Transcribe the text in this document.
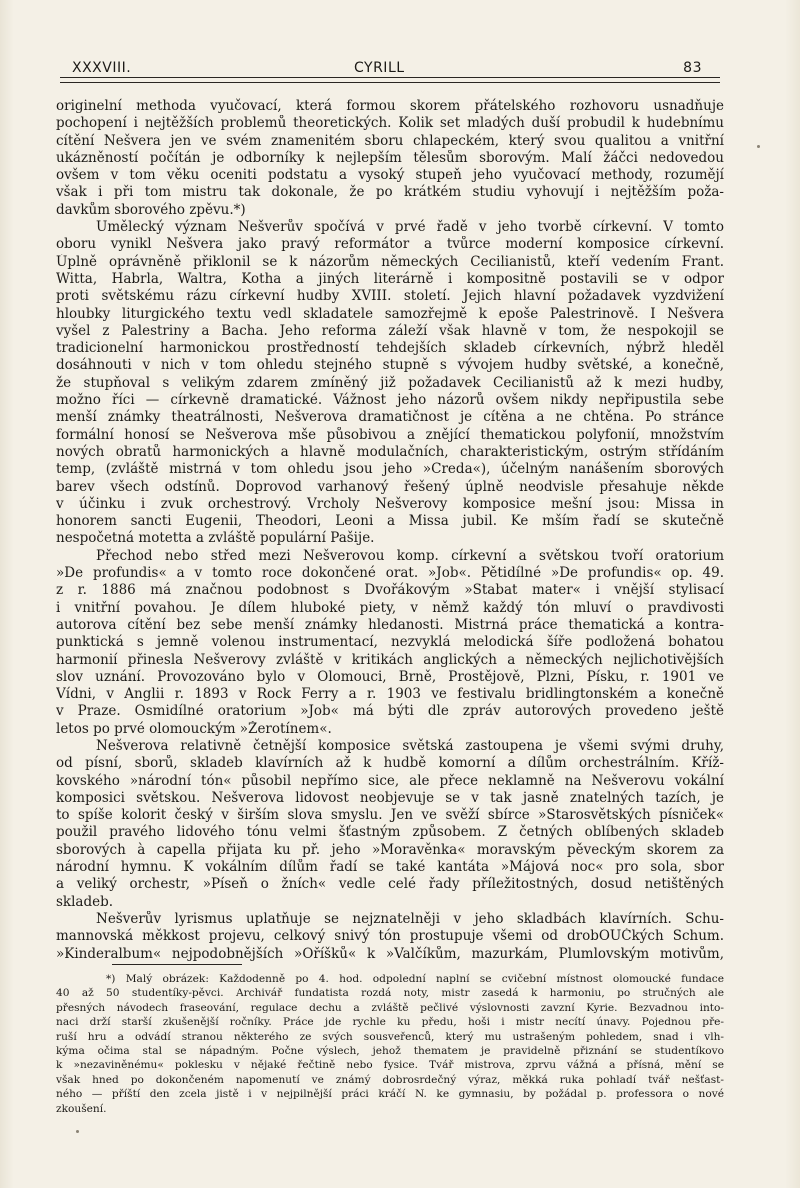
XXXVIII.	CYRILL	83
originelní methoda vyučovací, která formou skorem přátelského rozhovoru usnadňuje
pochopení i nejtěžších problemů theoretických. Kolik set mladých duší probudil k hudebnímu
cítění Nešvera jen ve svém znamenitém sboru chlapeckém, který svou qualitou a vnitřní
ukázněností počítán je odborníky k nejlepším tělesům sborovým. Malí žáčci nedovedou
ovšem v tom věku oceniti podstatu a vysoký stupeň jeho vyučovací methody, rozumějí
však i při tom mistru tak dokonale, že po krátkém studiu vyhovují i nejtěžším poža-
davkům sborového zpěvu.*)
Umělecký význam Nešverův spočívá v prvé řadě v jeho tvorbě církevní. V tomto
oboru vynikl Nešvera jako pravý reformátor a tvůrce moderní komposice církevní.
Úplně oprávněně přiklonil se k názorům německých Cecilianistů, kteří vedením Frant.
Witta, Habrla, Waltra, Kotha a jiných literárně i kompositně postavili se v odpor
proti světskému rázu církevní hudby XVIII. století. Jejich hlavní požadavek vyzdvižení
hloubky liturgického textu vedl skladatele samozřejmě k epoše Palestrinově. I Nešvera
vyšel z Palestriny a Bacha. Jeho reforma záleží však hlavně v tom, že nespokojil se
tradicionelní harmonickou prostředností tehdejších skladeb církevních, nýbrž hleděl
dosáhnouti v nich v tom ohledu stejného stupně s vývojem hudby světské, a konečně,
že stupňoval s velikým zdarem zmíněný již požadavek Cecilianistů až k mezi hudby,
možno říci — církevně dramatické. Vážnost jeho názorů ovšem nikdy nepřipustila sebe
menší známky theatrálnosti, Nešverova dramatičnost je cítěna a ne chtěna. Po stránce
formální honosí se Nešverova mše působivou a znějící thematickou polyfonií, množstvím
nových obratů harmonických a hlavně modulačních, charakteristickým, ostrým střídáním
temp, (zvláště mistrná v tom ohledu jsou jeho »Creda«), účelným nanášením sborových
barev všech odstínů. Doprovod varhanový řešený úplně neodvisle přesahuje někde
v účinku i zvuk orchestrový. Vrcholy Nešverovy komposice mešní jsou: Missa in
honorem sancti Eugenii, Theodori, Leoni a Missa jubil. Ke mším řadí se skutečně
nespočetná motetta a zvláště populární Pašije.
Přechod nebo střed mezi Nešverovou komp. církevní a světskou tvoří oratorium
»De profundis« a v tomto roce dokončené orat. »Job«. Pětidílné »De profundis« op. 49.
z r. 1886 má značnou podobnost s Dvořákovým »Stabat mater« i vnější stylisací
i vnitřní povahou. Je dílem hluboké piety, v němž každý tón mluví o pravdivosti
autorova cítění bez sebe menší známky hledanosti. Mistrná práce thematická a kontra-
punktická s jemně volenou instrumentací, nezvyklá melodická šíře podložená bohatou
harmonií přinesla Nešverovy zvláště v kritikách anglických a německých nejlichotivějších
slov uznání. Provozováno bylo v Olomouci, Brně, Prostějově, Plzni, Písku, r. 1901 ve
Vídni, v Anglii r. 1893 v Rock Ferry a r. 1903 ve festivalu bridlingtonském a konečně
v Praze. Osmidílné oratorium »Job« má býti dle zpráv autorových provedeno ještě
letos po prvé olomouckým »Žerotínem«.
Nešverova relativně četnější komposice světská zastoupena je všemi svými druhy,
od písní, sborů, skladeb klavírních až k hudbě komorní a dílům orchestrálním. Kříž-
kovského »národní tón« působil nepřímo sice, ale přece neklamně na Nešverovu vokální
komposici světskou. Nešverova lidovost neobjevuje se v tak jasně znatelných tazích, je
to spíše kolorit český v širším slova smyslu. Jen ve svěží sbírce »Starosvětských písniček«
použil pravého lidového tónu velmi šťastným způsobem. Z četných oblíbených skladeb
sborových à capella přijata ku př. jeho »Moravěnka« moravským pěveckým skorem za
národní hymnu. K vokálním dílům řadí se také kantáta »Májová noc« pro sola, sbor
a veliký orchestr, »Píseň o žních« vedle celé řady příležitostných, dosud netištěných
skladeb.
Nešverův lyrismus uplatňuje se nejznatelněji v jeho skladbách klavírních. Schu-
mannovská měkkost projevu, celkový snivý tón prostupuje všemi od drobOUČkých Schum.
»Kinderalbum« nejpodobnějších »Oříšků« k »Valčíkům, mazurkám, Plumlovským motivům,
*) Malý obrázek: Každodenně po 4. hod. odpolední naplní se cvičební místnost olomoucké fundace
40 až 50 studentíky-pěvci. Archivář fundatista rozdá noty, mistr zasedá k harmoniu, po stručných ale
přesných návodech fraseování, regulace dechu a zvláště pečlivé výslovnosti zavzní Kyrie. Bezvadnou into-
naci drží starší zkušenější ročníky. Práce jde rychle ku předu, hoši i mistr necítí únavy. Pojednou pře-
ruší hru a odvádí stranou některého ze svých sousveřenců, který mu ustrašeným pohledem, snad i vlh-
kýma očima stal se nápadným. Počne výslech, jehož thematem je pravidelně přiznání se studentíkovo
k »nezaviněnému« poklesku v nějaké řečtině nebo fysice. Tvář mistrova, zprvu vážná a přísná, mění se
však hned po dokončeném napomenutí ve známý dobrosrdečný výraz, měkká ruka pohladí tvář nešťast-
ného — příští den zcela jistě i v nejpilnější práci kráčí N. ke gymnasiu, by požádal p. professora o nové
zkoušení.
